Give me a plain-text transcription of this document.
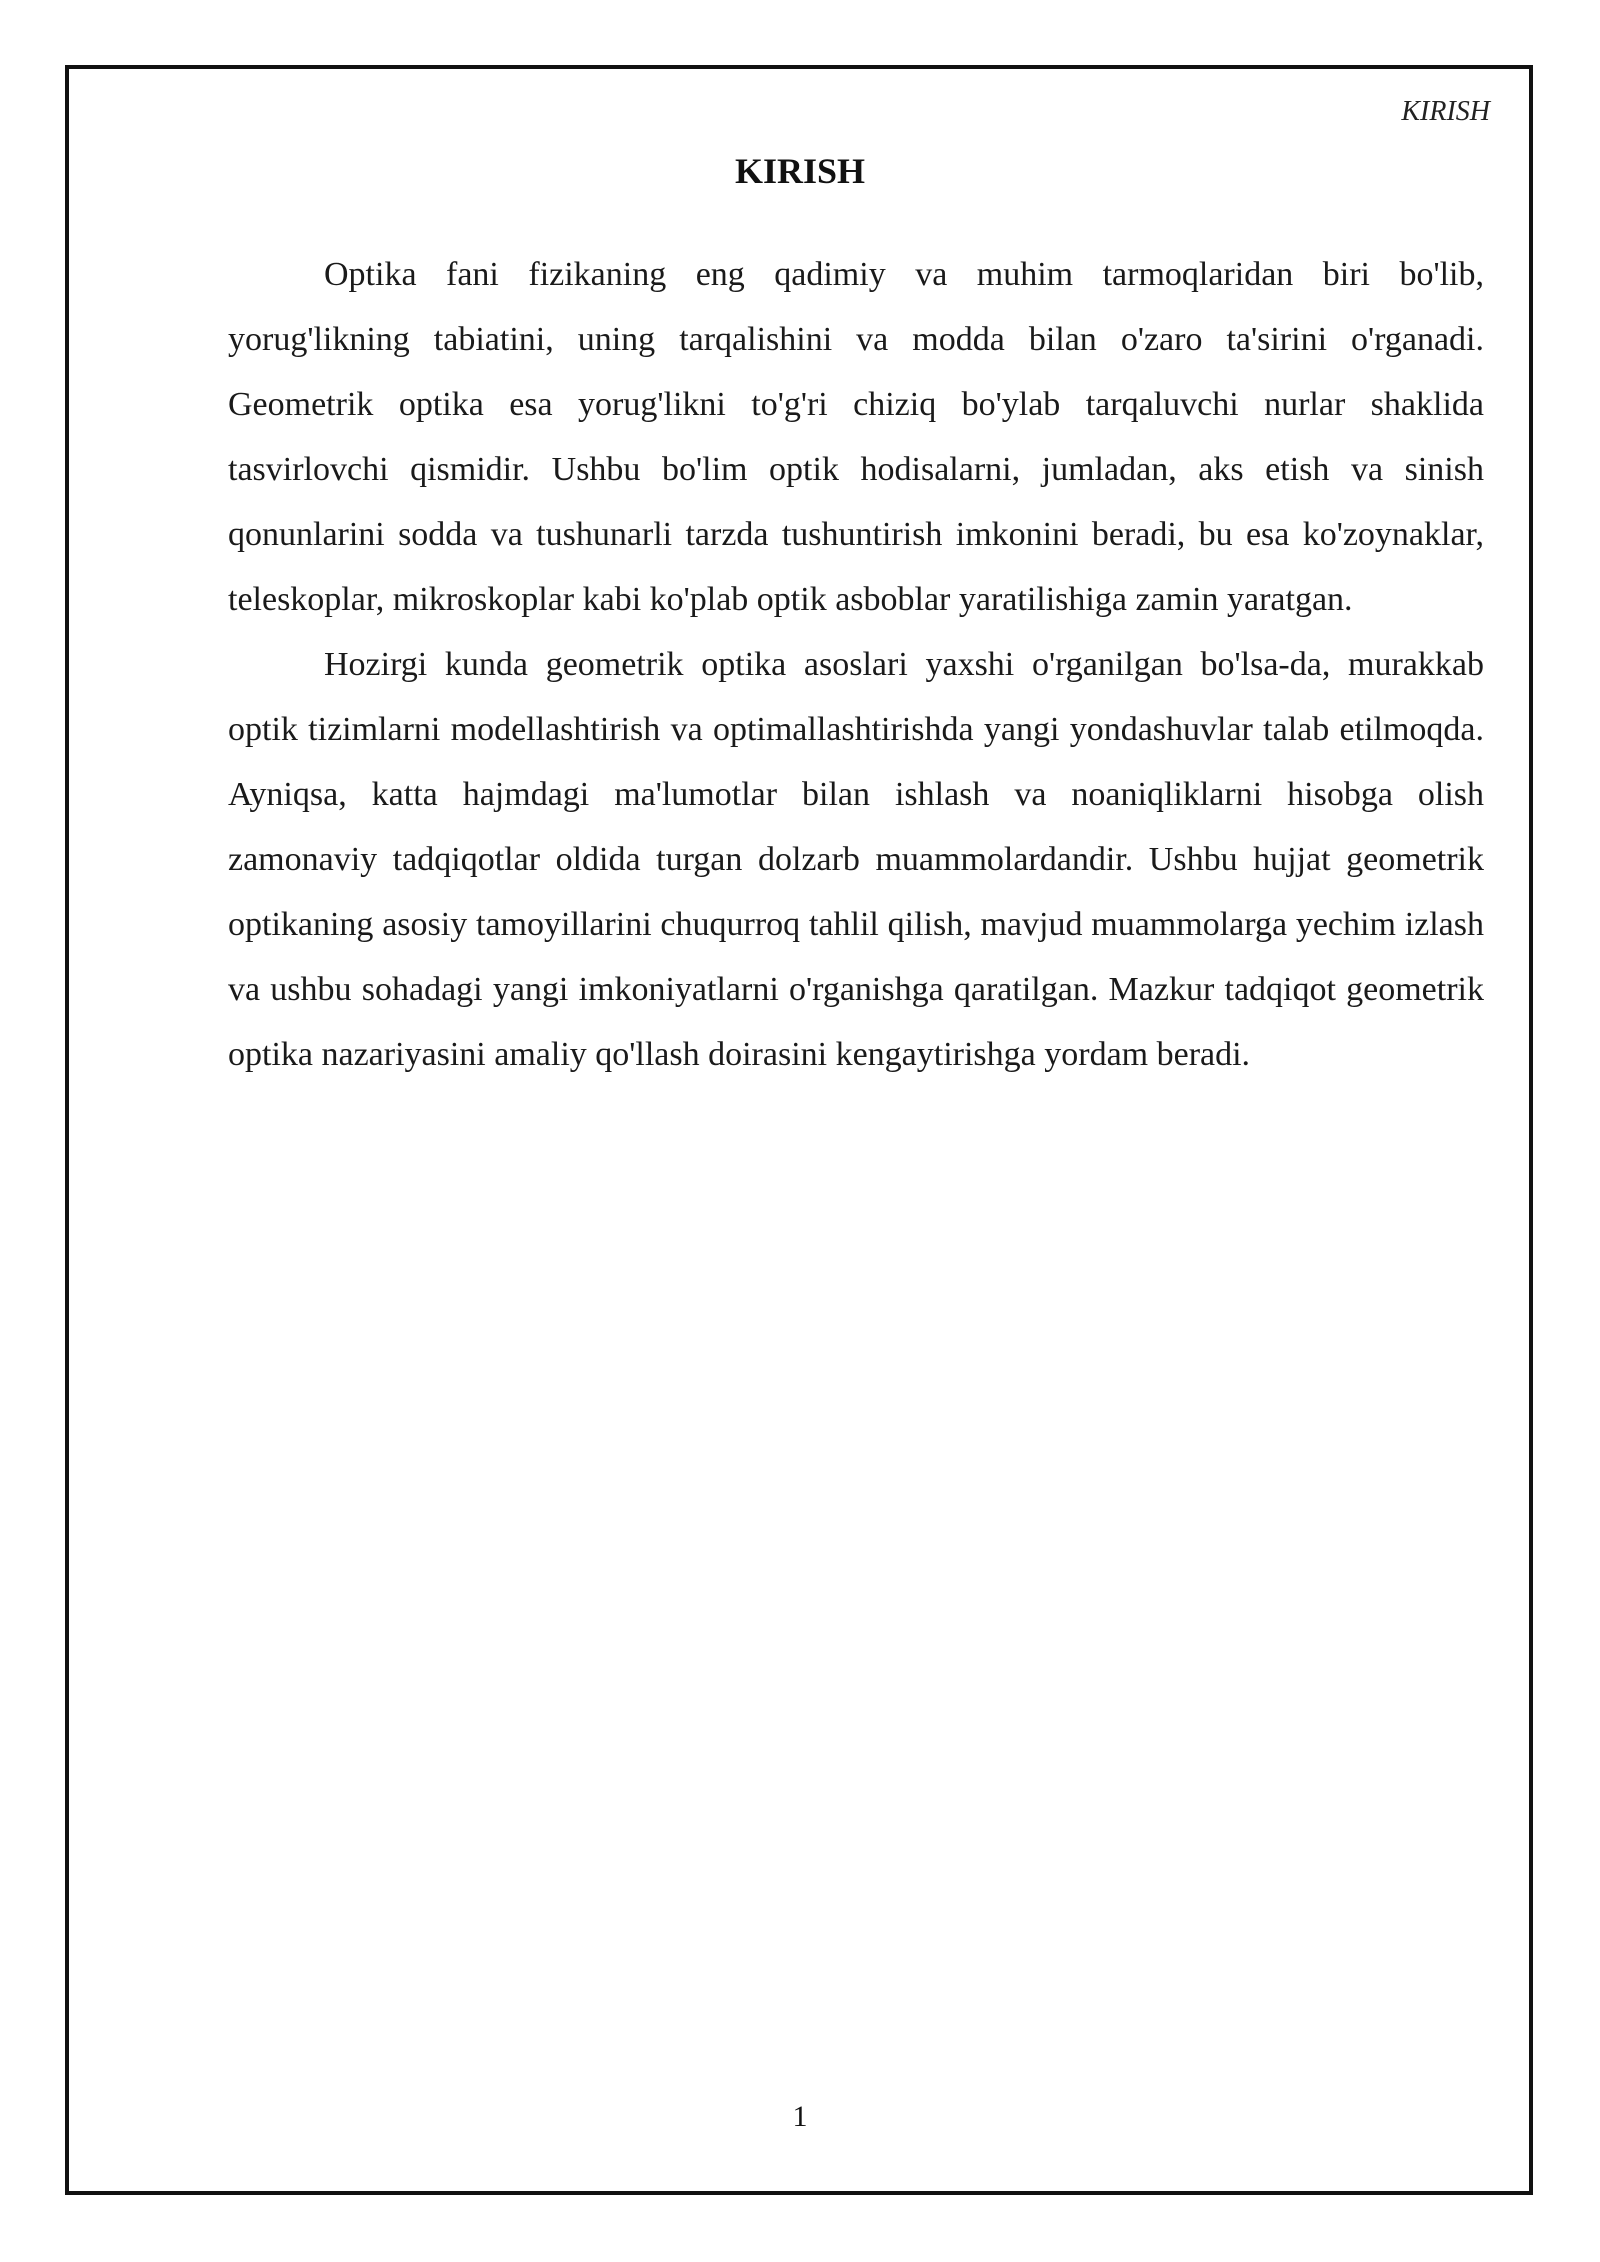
KIRISH
KIRISH

Optika fani fizikaning eng qadimiy va muhim tarmoqlaridan biri bo'lib, yorug'likning tabiatini, uning tarqalishini va modda bilan o'zaro ta'sirini o'rganadi. Geometrik optika esa yorug'likni to'g'ri chiziq bo'ylab tarqaluvchi nurlar shaklida tasvirlovchi qismidir. Ushbu bo'lim optik hodisalarni, jumladan, aks etish va sinish qonunlarini sodda va tushunarli tarzda tushuntirish imkonini beradi, bu esa ko'zoynaklar, teleskoplar, mikroskoplar kabi ko'plab optik asboblar yaratilishiga zamin yaratgan.

Hozirgi kunda geometrik optika asoslari yaxshi o'rganilgan bo'lsa-da, murakkab optik tizimlarni modellashtirish va optimallashtirishda yangi yondashuvlar talab etilmoqda. Ayniqsa, katta hajmdagi ma'lumotlar bilan ishlash va noaniqliklarni hisobga olish zamonaviy tadqiqotlar oldida turgan dolzarb muammolardandir. Ushbu hujjat geometrik optikaning asosiy tamoyillarini chuqurroq tahlil qilish, mavjud muammolarga yechim izlash va ushbu sohadagi yangi imkoniyatlarni o'rganishga qaratilgan. Mazkur tadqiqot geometrik optika nazariyasini amaliy qo'llash doirasini kengaytirishga yordam beradi.

1
